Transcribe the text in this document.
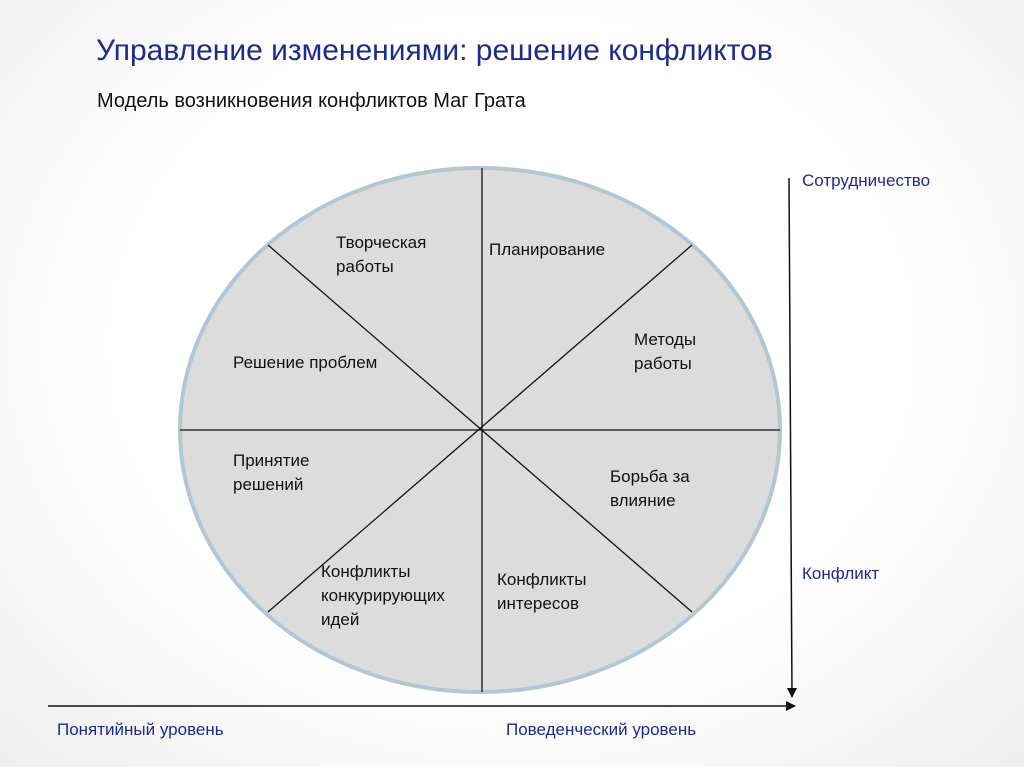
Управление изменениями: решение конфликтов
Модель возникновения конфликтов Маг Грата
Творческая
работы
Планирование
Методы
работы
Решение проблем
Принятие
решений	Борьба за
влияние
Конфликты
конкурирующих
идей
Конфликты
интересов
Сотрудничество
Конфликт
Понятийный уровень	Поведенческий уровень
